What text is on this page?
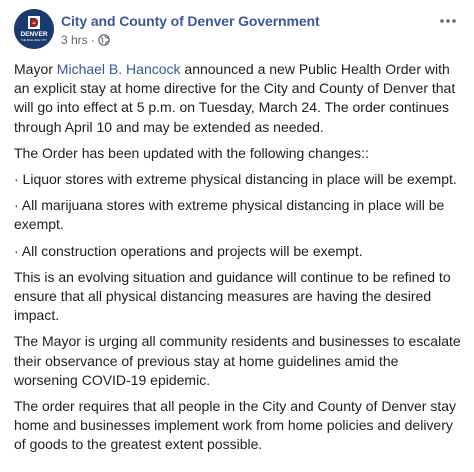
DENVER
THE MILE HIGH CITY
City and County of Denver Government
3 hrs ·

Mayor Michael B. Hancock announced a new Public Health Order with an explicit stay at home directive for the City and County of Denver that will go into effect at 5 p.m. on Tuesday, March 24. The order continues through April 10 and may be extended as needed.

The Order has been updated with the following changes::

· Liquor stores with extreme physical distancing in place will be exempt.

· All marijuana stores with extreme physical distancing in place will be exempt.

· All construction operations and projects will be exempt.

This is an evolving situation and guidance will continue to be refined to ensure that all physical distancing measures are having the desired impact.

The Mayor is urging all community residents and businesses to escalate their observance of previous stay at home guidelines amid the worsening COVID-19 epidemic.

The order requires that all people in the City and County of Denver stay home and businesses implement work from home policies and delivery of goods to the greatest extent possible.
